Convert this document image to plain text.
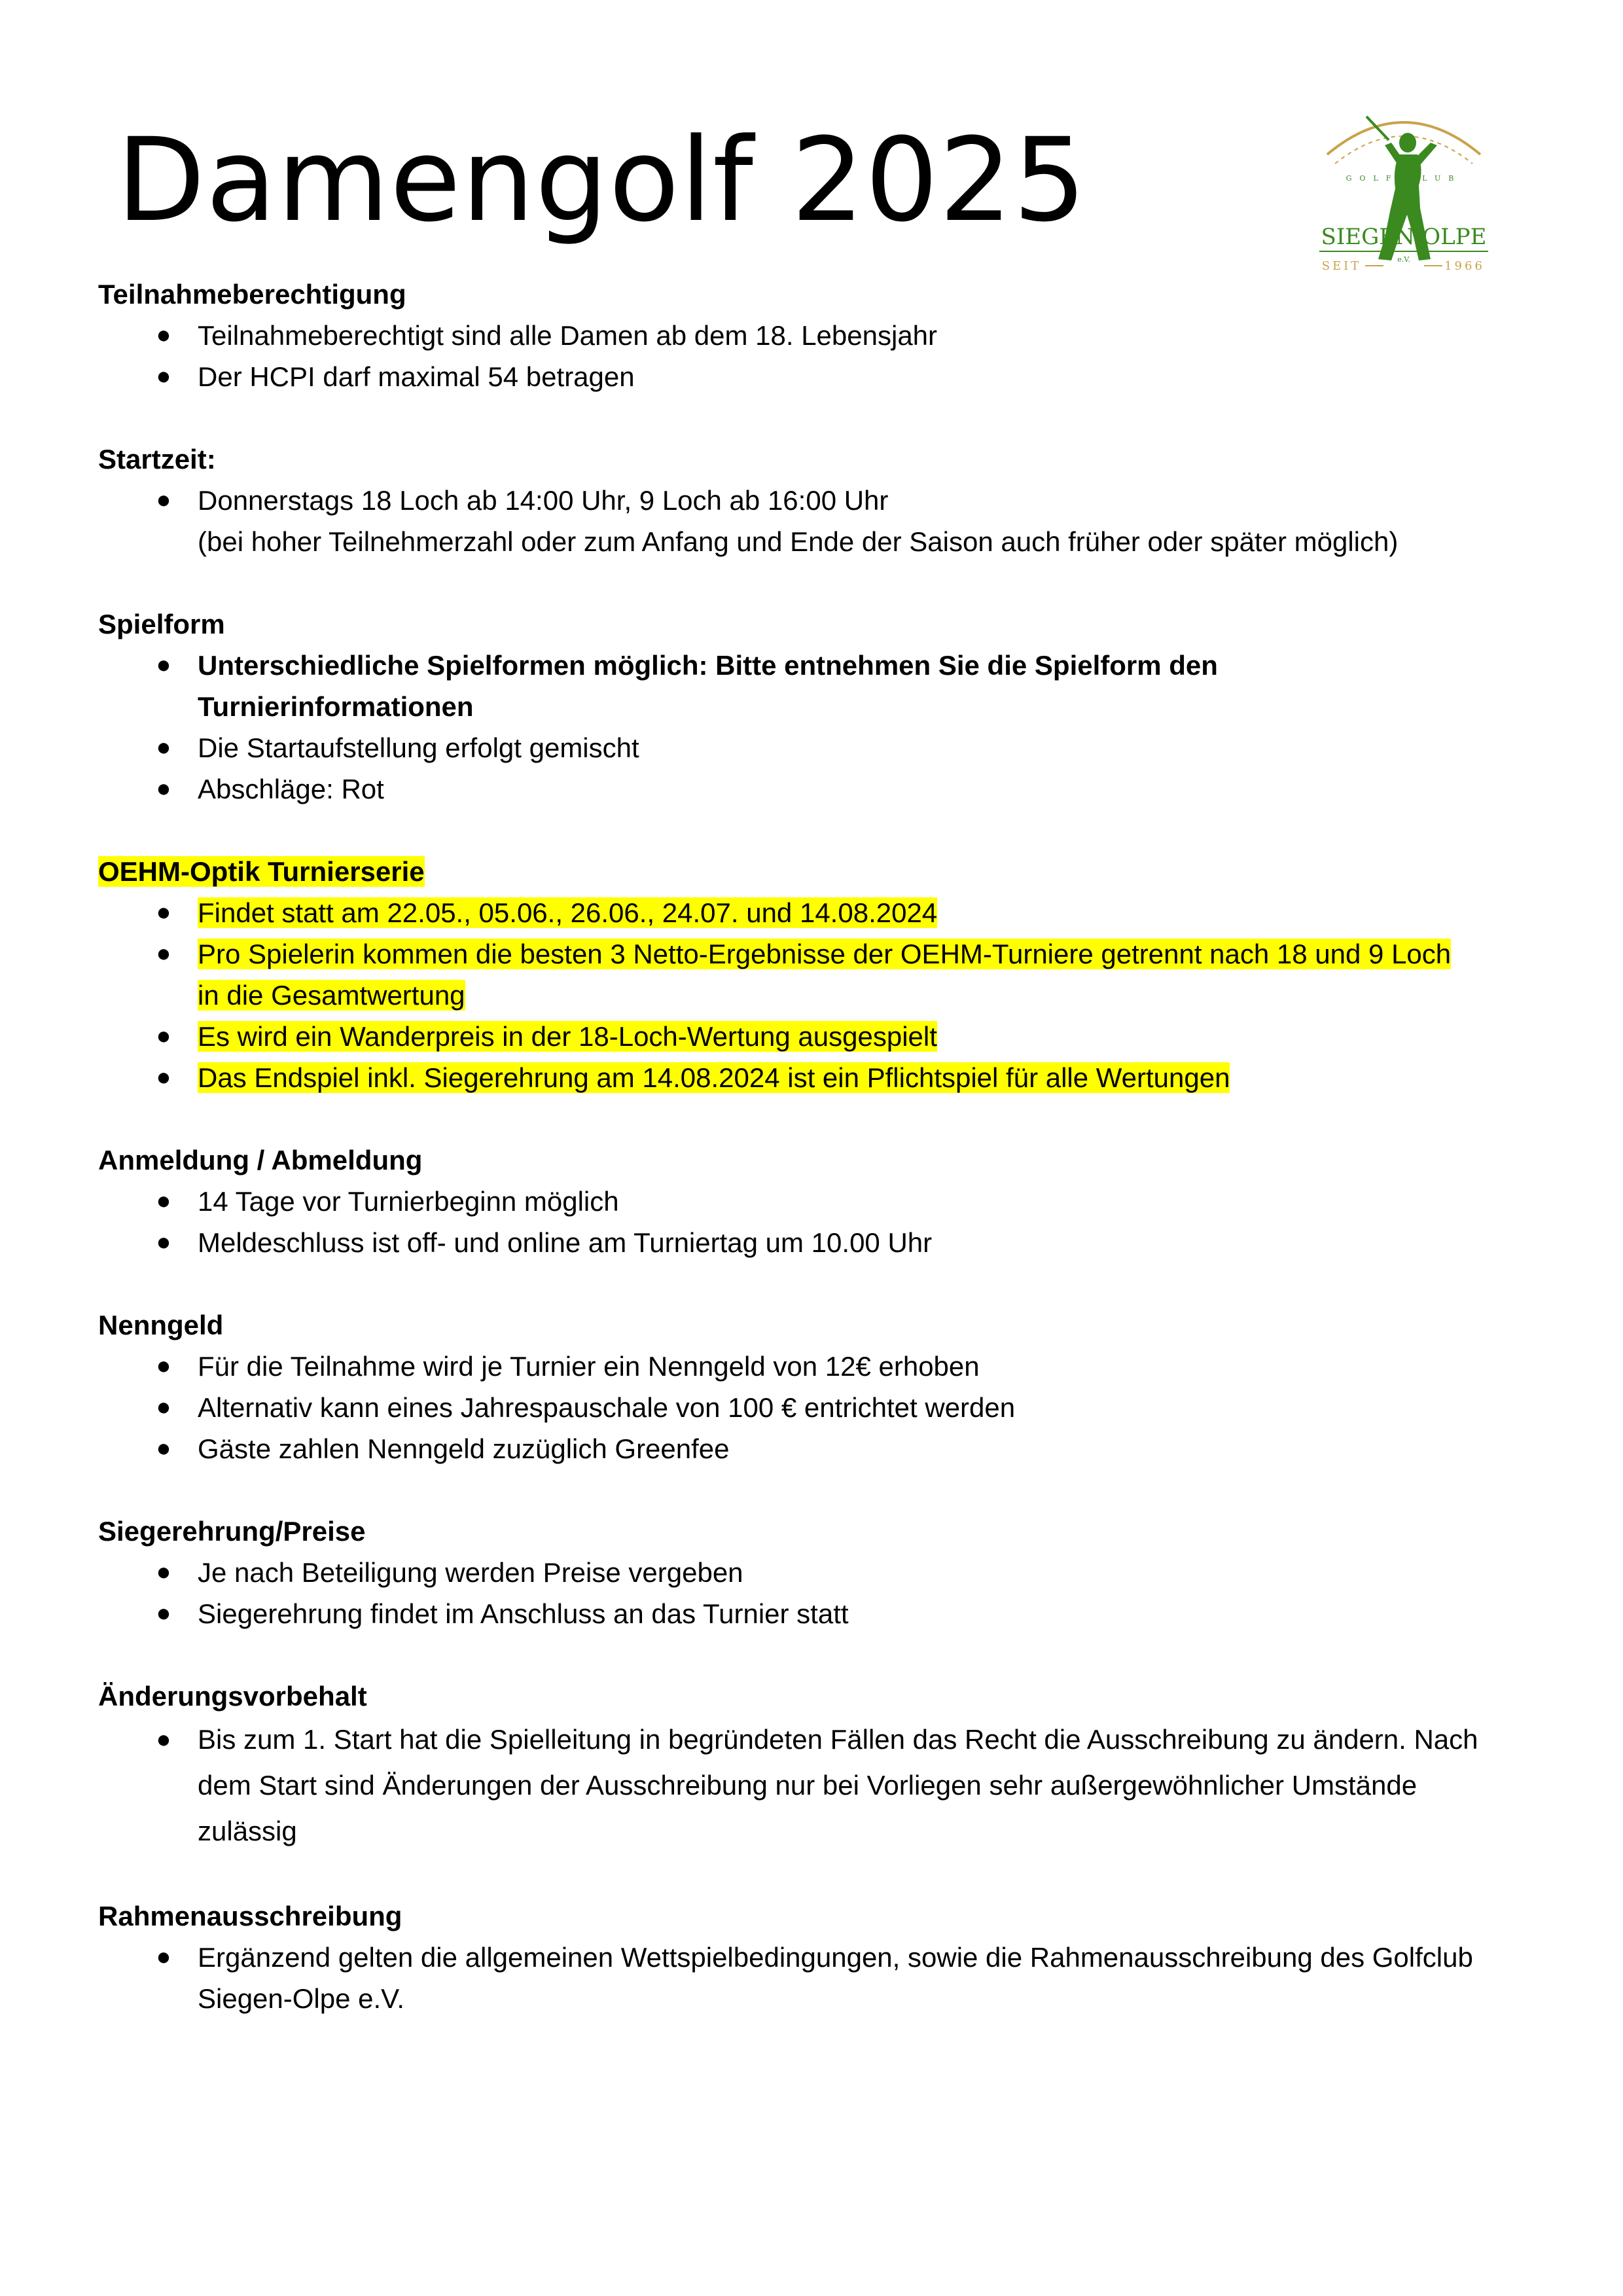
Damengolf 2025	GOLF CLUB
SIEGEN-OLPE
e.V.
SEIT	1966
Teilnahmeberechtigung
● Teilnahmeberechtigt sind alle Damen ab dem 18. Lebensjahr
● Der HCPI darf maximal 54 betragen
Startzeit:
● Donnerstags 18 Loch ab 14:00 Uhr, 9 Loch ab 16:00 Uhr
(bei hoher Teilnehmerzahl oder zum Anfang und Ende der Saison auch früher oder später möglich)
Spielform
● Unterschiedliche Spielformen möglich: Bitte entnehmen Sie die Spielform den Turnierinformationen
● Die Startaufstellung erfolgt gemischt
● Abschläge: Rot
OEHM-Optik Turnierserie
● Findet statt am 22.05., 05.06., 26.06., 24.07. und 14.08.2024
● Pro Spielerin kommen die besten 3 Netto-Ergebnisse der OEHM-Turniere getrennt nach 18 und 9 Loch in die Gesamtwertung
● Es wird ein Wanderpreis in der 18-Loch-Wertung ausgespielt
● Das Endspiel inkl. Siegerehrung am 14.08.2024 ist ein Pflichtspiel für alle Wertungen
Anmeldung / Abmeldung
● 14 Tage vor Turnierbeginn möglich
● Meldeschluss ist off- und online am Turniertag um 10.00 Uhr
Nenngeld
● Für die Teilnahme wird je Turnier ein Nenngeld von 12€ erhoben
● Alternativ kann eines Jahrespauschale von 100 € entrichtet werden
● Gäste zahlen Nenngeld zuzüglich Greenfee
Siegerehrung/Preise
● Je nach Beteiligung werden Preise vergeben
● Siegerehrung findet im Anschluss an das Turnier statt
Änderungsvorbehalt
● Bis zum 1. Start hat die Spielleitung in begründeten Fällen das Recht die Ausschreibung zu ändern. Nach dem Start sind Änderungen der Ausschreibung nur bei Vorliegen sehr außergewöhnlicher Umstände zulässig
Rahmenausschreibung
● Ergänzend gelten die allgemeinen Wettspielbedingungen, sowie die Rahmenausschreibung des Golfclub Siegen-Olpe e.V.
